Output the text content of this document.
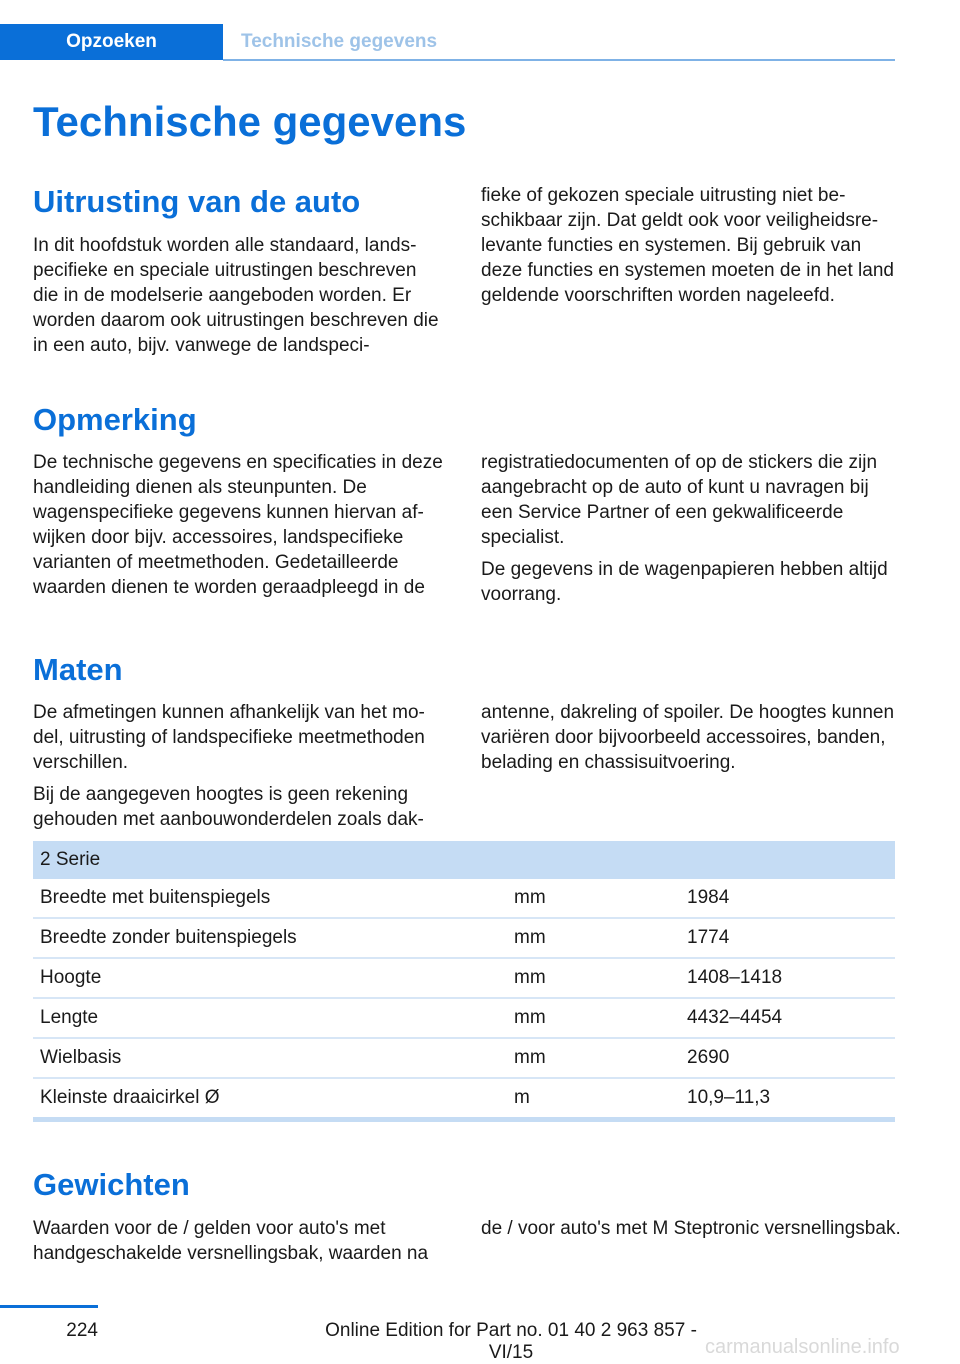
Opzoeken	Technische gegevens
Technische gegevens
Uitrusting van de auto

In dit hoofdstuk worden alle standaard, landspecifieke en speciale uitrustingen beschreven die in de modelserie aangeboden worden. Er worden daarom ook uitrustingen beschreven die in een auto, bijv. vanwege de landspeci-

fieke of gekozen speciale uitrusting niet beschikbaar zijn. Dat geldt ook voor veiligheidsrelevante functies en systemen. Bij gebruik van deze functies en systemen moeten de in het land geldende voorschriften worden nageleefd.

Opmerking

De technische gegevens en specificaties in deze handleiding dienen als steunpunten. De wagenspecifieke gegevens kunnen hiervan afwijken door bijv. accessoires, landspecifieke varianten of meetmethoden. Gedetailleerde waarden dienen te worden geraadpleegd in de

registratiedocumenten of op de stickers die zijn aangebracht op de auto of kunt u navragen bij een Service Partner of een gekwalificeerde specialist.

De gegevens in de wagenpapieren hebben altijd voorrang.

Maten

De afmetingen kunnen afhankelijk van het model, uitrusting of landspecifieke meetmethoden verschillen.

Bij de aangegeven hoogtes is geen rekening gehouden met aanbouwonderdelen zoals dak-

antenne, dakreling of spoiler. De hoogtes kunnen variëren door bijvoorbeeld accessoires, banden, belading en chassisuitvoering.

2 Serie
Breedte met buitenspiegels	mm	1984
Breedte zonder buitenspiegels	mm	1774
Hoogte	mm	1408–1418
Lengte	mm	4432–4454
Wielbasis	mm	2690
Kleinste draaicirkel Ø	m	10,9–11,3
Gewichten

Waarden voor de / gelden voor auto's met handgeschakelde versnellingsbak, waarden na

de / voor auto's met M Steptronic versnellingsbak.

224	Online Edition for Part no. 01 40 2 963 857 - VI/15	carmanualsonline.info
